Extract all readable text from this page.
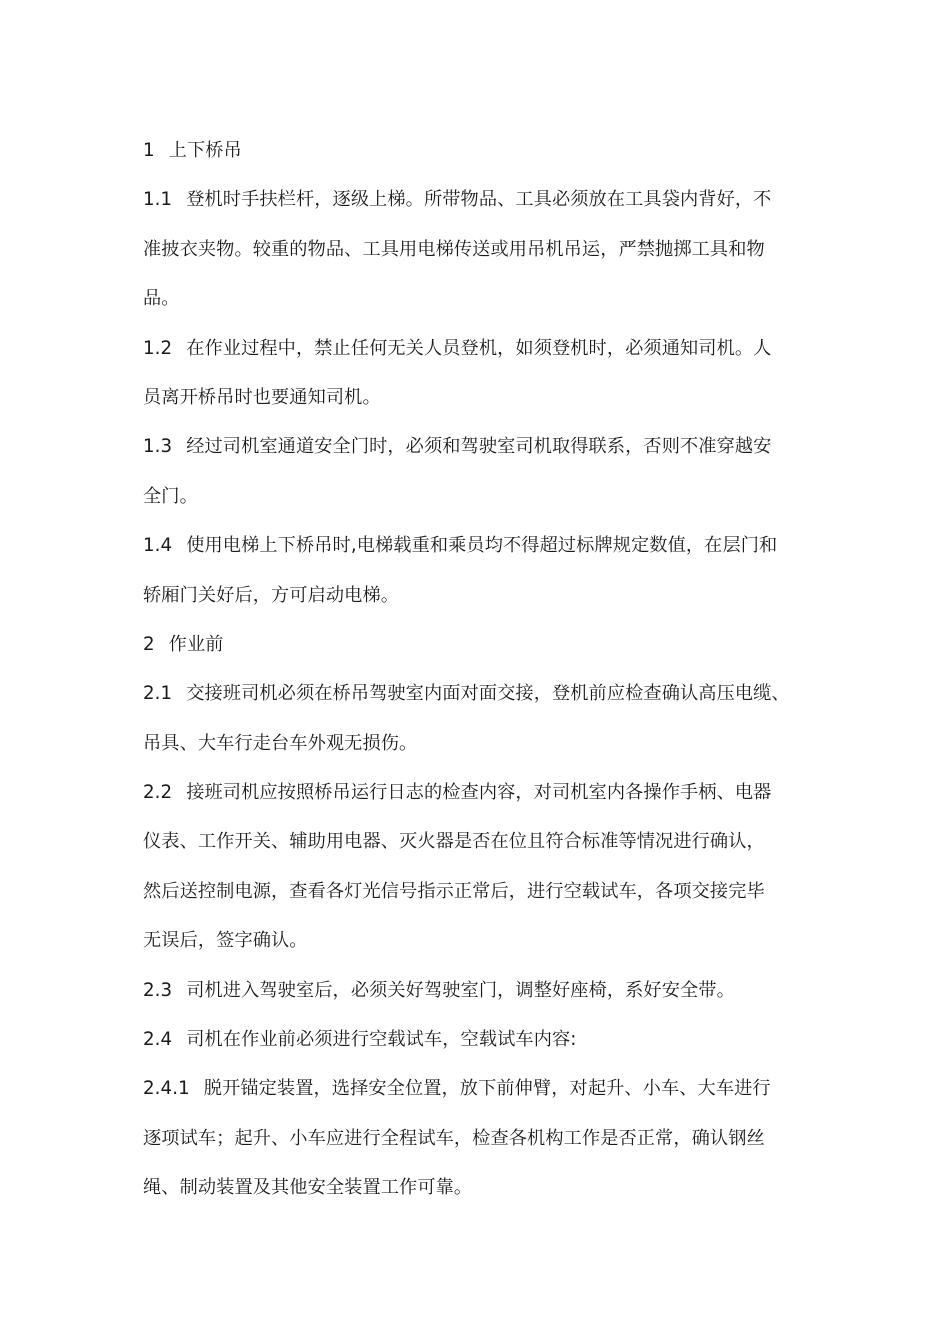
1 上下桥吊
1.1 登机时手扶栏杆，逐级上梯。所带物品、工具必须放在工具袋内背好，不
准披衣夹物。较重的物品、工具用电梯传送或用吊机吊运，严禁抛掷工具和物
品。
1.2 在作业过程中，禁止任何无关人员登机，如须登机时，必须通知司机。人
员离开桥吊时也要通知司机。
1.3 经过司机室通道安全门时，必须和驾驶室司机取得联系，否则不准穿越安
全门。
1.4 使用电梯上下桥吊时,电梯载重和乘员均不得超过标牌规定数值，在层门和
轿厢门关好后，方可启动电梯。
2 作业前
2.1 交接班司机必须在桥吊驾驶室内面对面交接，登机前应检查确认高压电缆、
吊具、大车行走台车外观无损伤。
2.2 接班司机应按照桥吊运行日志的检查内容，对司机室内各操作手柄、电器
仪表、工作开关、辅助用电器、灭火器是否在位且符合标准等情况进行确认，
然后送控制电源，查看各灯光信号指示正常后，进行空载试车，各项交接完毕
无误后，签字确认。
2.3 司机进入驾驶室后，必须关好驾驶室门，调整好座椅，系好安全带。
2.4 司机在作业前必须进行空载试车，空载试车内容:
2.4.1 脱开锚定装置，选择安全位置，放下前伸臂，对起升、小车、大车进行
逐项试车；起升、小车应进行全程试车，检查各机构工作是否正常，确认钢丝
绳、制动装置及其他安全装置工作可靠。
